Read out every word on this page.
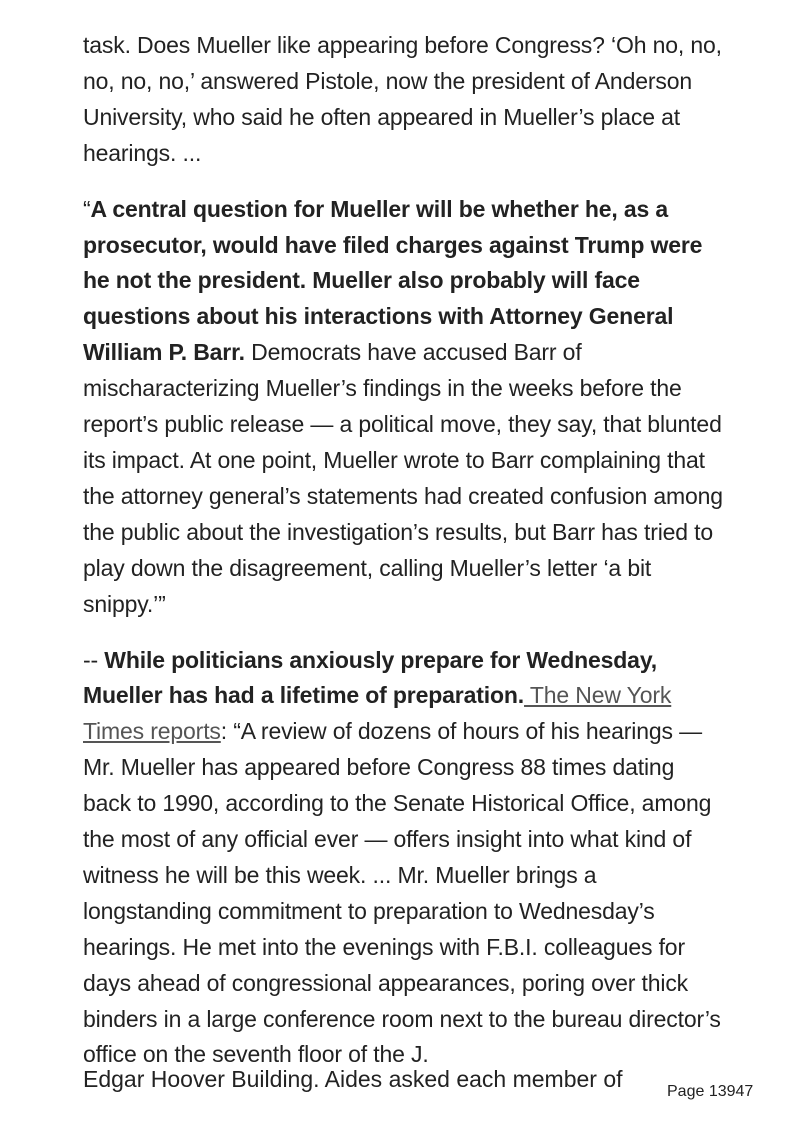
task. Does Mueller like appearing before Congress? ‘Oh no, no, no, no, no,’ answered Pistole, now the president of Anderson University, who said he often appeared in Mueller’s place at hearings. ...

“A central question for Mueller will be whether he, as a prosecutor, would have filed charges against Trump were he not the president. Mueller also probably will face questions about his interactions with Attorney General William P. Barr. Democrats have accused Barr of mischaracterizing Mueller’s findings in the weeks before the report’s public release — a political move, they say, that blunted its impact. At one point, Mueller wrote to Barr complaining that the attorney general’s statements had created confusion among the public about the investigation’s results, but Barr has tried to play down the disagreement, calling Mueller’s letter ‘a bit snippy.’”

-- While politicians anxiously prepare for Wednesday, Mueller has had a lifetime of preparation. The New York Times reports: “A review of dozens of hours of his hearings — Mr. Mueller has appeared before Congress 88 times dating back to 1990, according to the Senate Historical Office, among the most of any official ever — offers insight into what kind of witness he will be this week. ... Mr. Mueller brings a longstanding commitment to preparation to Wednesday’s hearings. He met into the evenings with F.B.I. colleagues for days ahead of congressional appearances, poring over thick binders in a large conference room next to the bureau director’s office on the seventh floor of the J.

Edgar Hoover Building. Aides asked each member of	Page 13947
